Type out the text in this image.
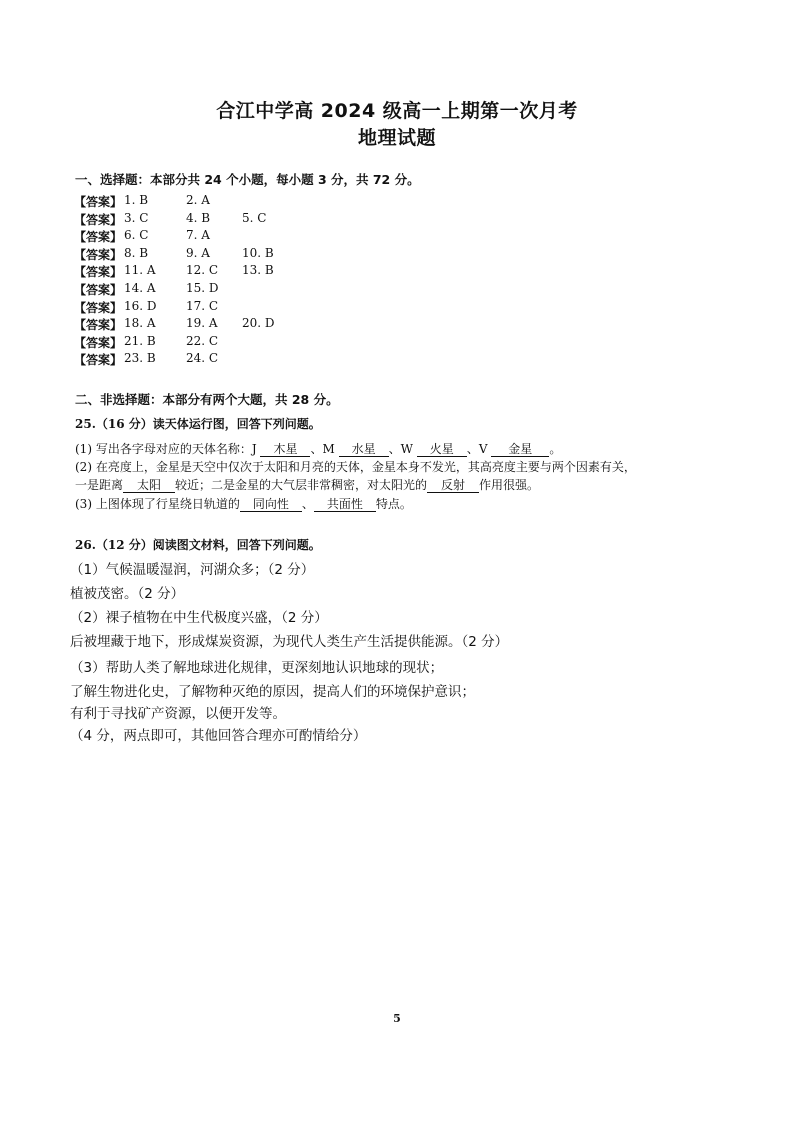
合江中学高 2024 级高一上期第一次月考
地理试题
一、选择题：本部分共 24 个小题，每小题 3 分，共 72 分。
【答案】 1. B	2. A
【答案】 3. C	4. B	5. C
【答案】 6. C	7. A
【答案】 8. B	9. A	10. B
【答案】 11. A	12. C 13. B
【答案】 14. A	15. D
【答案】 16. D 17. C
【答案】 18. A	19. A 20. D
【答案】 21. B	22. C
【答案】 23. B	24. C
二、非选择题：本部分有两个大题，共 28 分。
25.（16 分）读天体运行图，回答下列问题。
(1) 写出各字母对应的天体名称：J 木星 、M 水星 、W 火星 、V 金星 。
(2) 在亮度上，金星是天空中仅次于太阳和月亮的天体，金星本身不发光，其高亮度主要与两个因素有关，
一是距离 太阳 较近；二是金星的大气层非常稠密，对太阳光的 反射 作用很强。
(3) 上图体现了行星绕日轨道的 同向性 、 共面性 特点。
26.（12 分）阅读图文材料，回答下列问题。
（1）气候温暖湿润，河湖众多；（2 分）
植被茂密。（2 分）
（2）裸子植物在中生代极度兴盛，（2 分）
后被埋藏于地下，形成煤炭资源，为现代人类生产生活提供能源。（2 分）
（3）帮助人类了解地球进化规律，更深刻地认识地球的现状；
了解生物进化史，了解物种灭绝的原因，提高人们的环境保护意识；
有利于寻找矿产资源，以便开发等。
（4 分，两点即可，其他回答合理亦可酌情给分）
5
